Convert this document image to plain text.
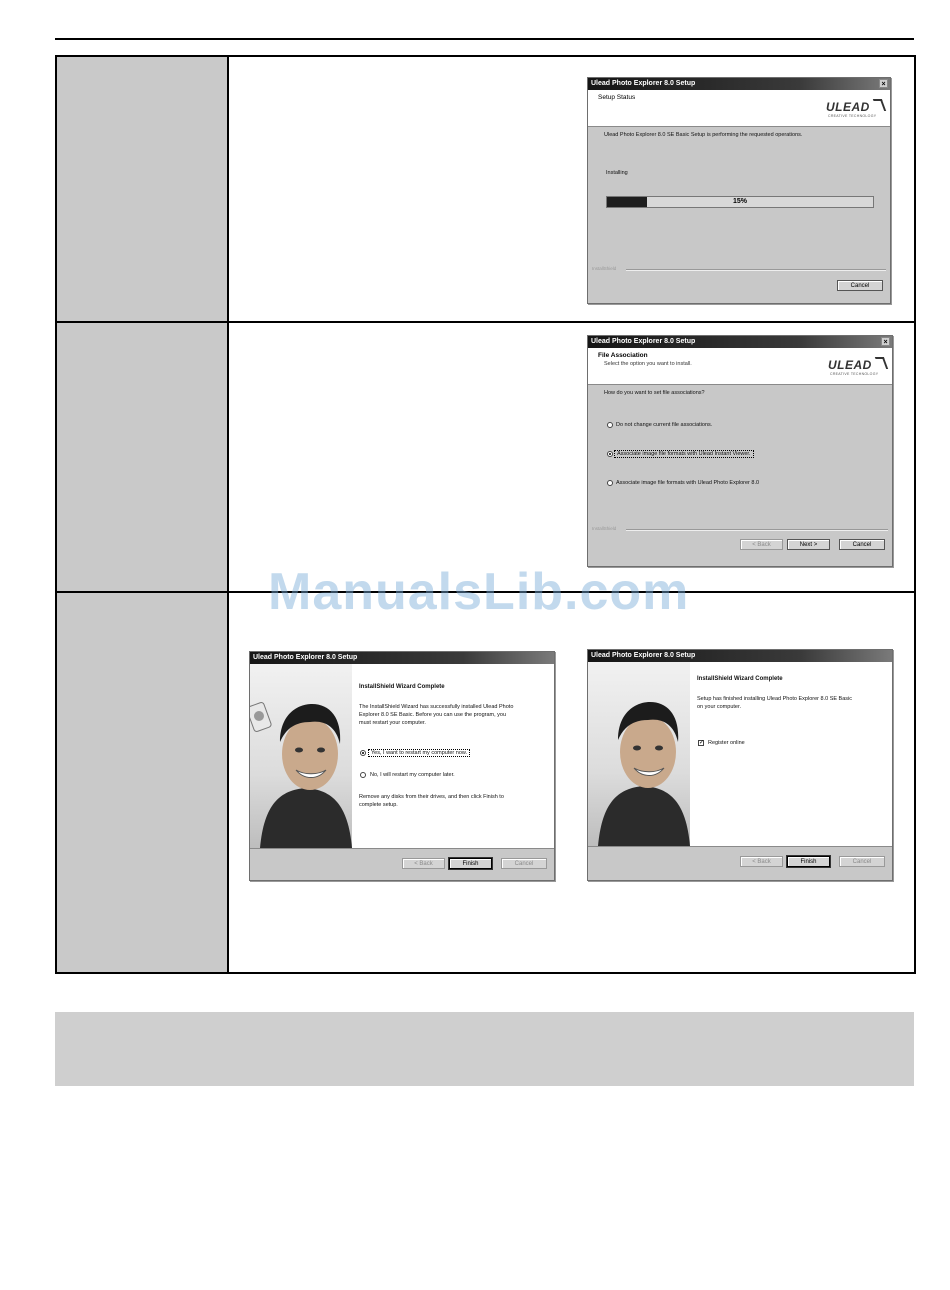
Ulead Photo Explorer 8.0 Setup	×
Setup Status
ULEAD
CREATIVE TECHNOLOGY
Ulead Photo Explorer 8.0 SE Basic Setup is performing the requested operations.
Installing
15%
InstallShield
Cancel
Ulead Photo Explorer 8.0 Setup	×
File Association
Select the option you want to install.	ULEAD
CREATIVE TECHNOLOGY
How do you want to set file associations?
Do not change current file associations.
Associate image file formats with Ulead Instant Viewer.
Associate image file formats with Ulead Photo Explorer 8.0
InstallShield
< Back	Next >	Cancel
Ulead Photo Explorer 8.0 Setup
InstallShield Wizard Complete
The InstallShield Wizard has successfully installed Ulead Photo
Explorer 8.0 SE Basic. Before you can use the program, you
must restart your computer.
Yes, I want to restart my computer now.
No, I will restart my computer later.
Remove any disks from their drives, and then click Finish to
complete setup.
< Back	Finish	Cancel
Ulead Photo Explorer 8.0 Setup
InstallShield Wizard Complete
Setup has finished installing Ulead Photo Explorer 8.0 SE Basic
on your computer.
✓ Register online
< Back	Finish	Cancel
ManualsLib.com
